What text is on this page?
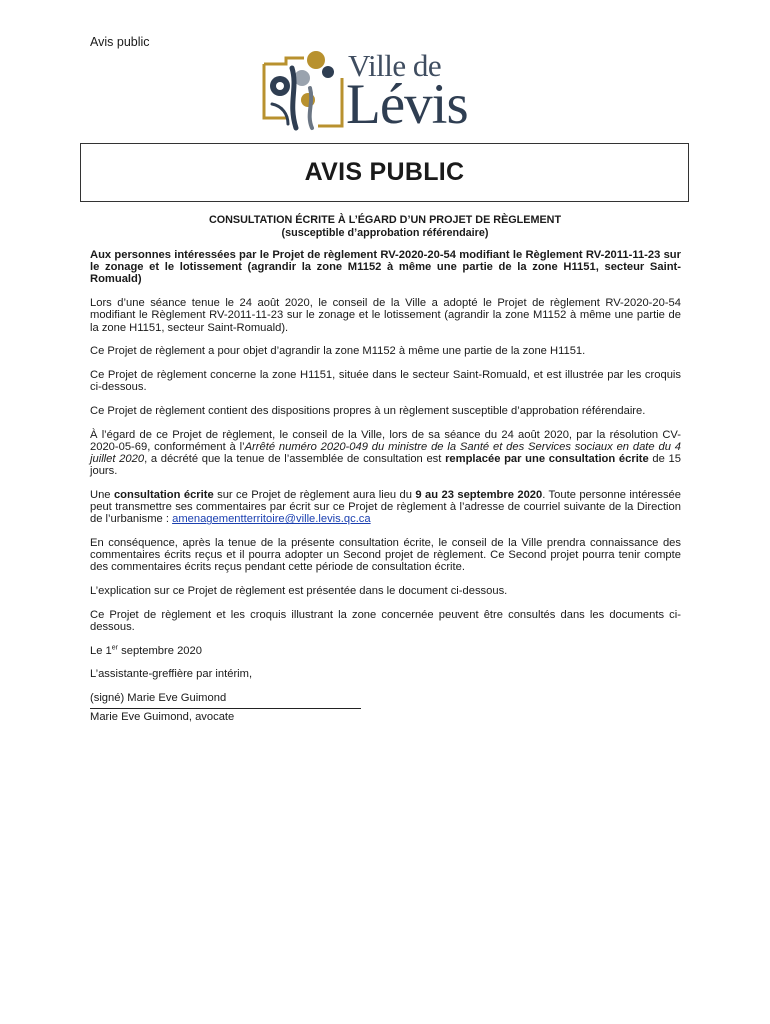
Avis public
Ville de
Lévis
AVIS PUBLIC
CONSULTATION ÉCRITE À L’ÉGARD D’UN PROJET DE RÈGLEMENT
(susceptible d’approbation référendaire)

Aux personnes intéressées par le Projet de règlement RV-2020-20-54 modifiant le Règlement RV-2011-11-23 sur le zonage et le lotissement (agrandir la zone M1152 à même une partie de la zone H1151, secteur Saint-Romuald)

Lors d’une séance tenue le 24 août 2020, le conseil de la Ville a adopté le Projet de règlement RV-2020-20-54 modifiant le Règlement RV-2011-11-23 sur le zonage et le lotissement (agrandir la zone M1152 à même une partie de la zone H1151, secteur Saint-Romuald).

Ce Projet de règlement a pour objet d’agrandir la zone M1152 à même une partie de la zone H1151.

Ce Projet de règlement concerne la zone H1151, située dans le secteur Saint-Romuald, et est illustrée par les croquis ci-dessous.

Ce Projet de règlement contient des dispositions propres à un règlement susceptible d’approbation référendaire.

À l’égard de ce Projet de règlement, le conseil de la Ville, lors de sa séance du 24 août 2020, par la résolution CV-2020-05-69, conformément à l’Arrêté numéro 2020-049 du ministre de la Santé et des Services sociaux en date du 4 juillet 2020, a décrété que la tenue de l’assemblée de consultation est remplacée par une consultation écrite de 15 jours.

Une consultation écrite sur ce Projet de règlement aura lieu du 9 au 23 septembre 2020. Toute personne intéressée peut transmettre ses commentaires par écrit sur ce Projet de règlement à l’adresse de courriel suivante de la Direction de l’urbanisme : amenagementterritoire@ville.levis.qc.ca

En conséquence, après la tenue de la présente consultation écrite, le conseil de la Ville prendra connaissance des commentaires écrits reçus et il pourra adopter un Second projet de règlement. Ce Second projet pourra tenir compte des commentaires écrits reçus pendant cette période de consultation écrite.

L’explication sur ce Projet de règlement est présentée dans le document ci-dessous.

Ce Projet de règlement et les croquis illustrant la zone concernée peuvent être consultés dans les documents ci-dessous.

Le 1er septembre 2020

L’assistante-greffière par intérim,

(signé) Marie Eve Guimond

Marie Eve Guimond, avocate
